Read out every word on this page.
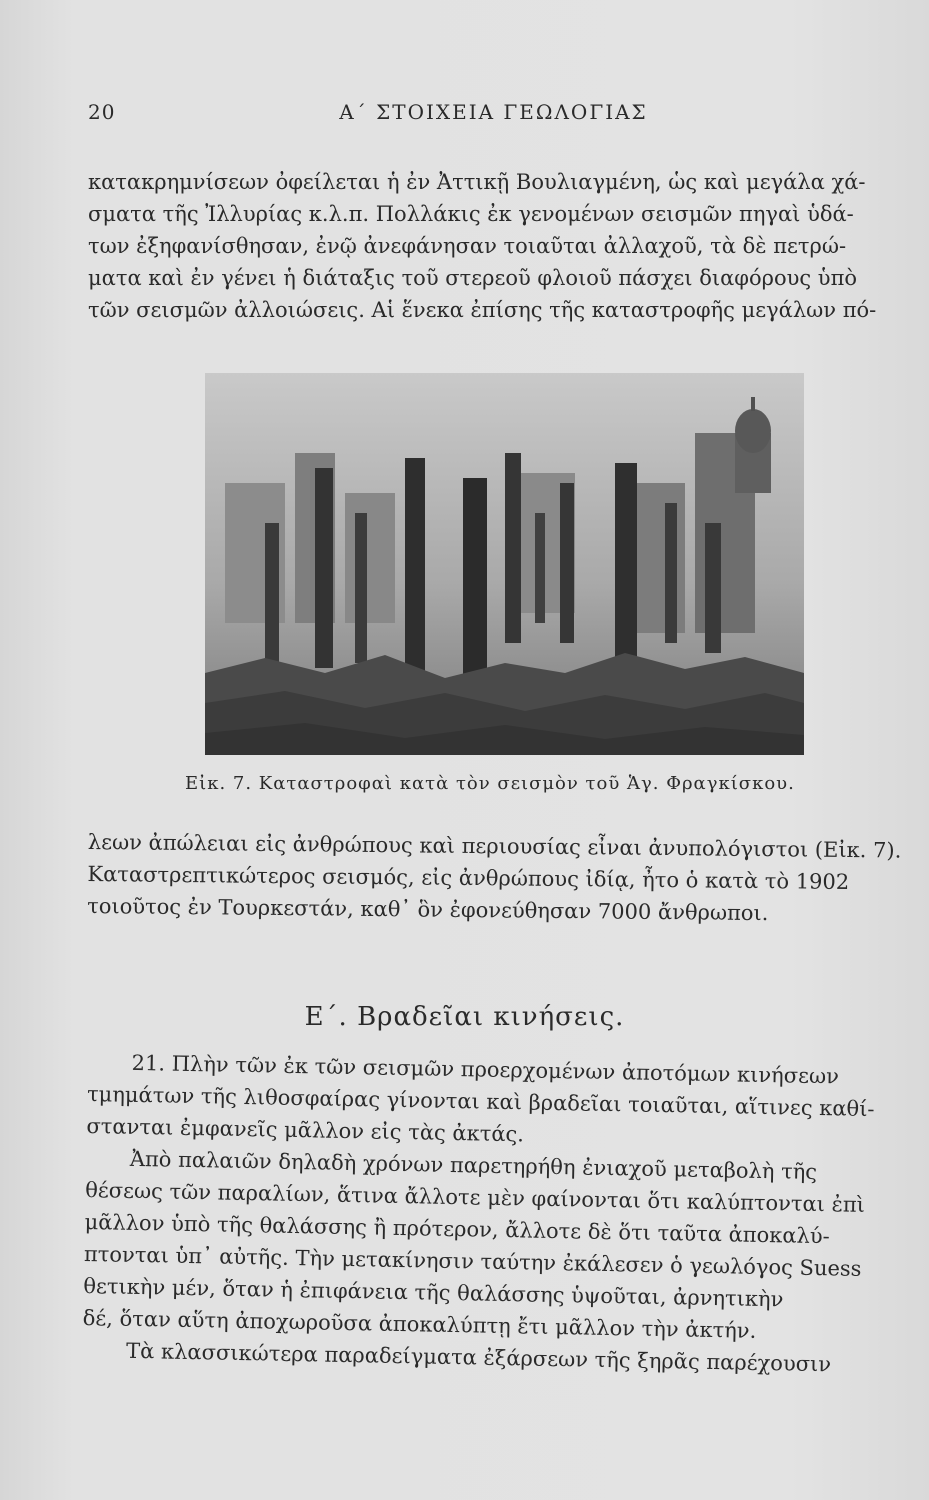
20	Α΄ ΣΤΟΙΧΕΙΑ ΓΕΩΛΟΓΙΑΣ
κατακρημνίσεων ὀφείλεται ἡ ἐν Ἀττικῇ Βουλιαγμένη, ὡς καὶ μεγάλα χά-
σματα τῆς Ἰλλυρίας κ.λ.π. Πολλάκις ἐκ γενομένων σεισμῶν πηγαὶ ὑδά-
των ἐξηφανίσθησαν, ἐνῷ ἀνεφάνησαν τοιαῦται ἀλλαχοῦ, τὰ δὲ πετρώ-
ματα καὶ ἐν γένει ἡ διάταξις τοῦ στερεοῦ φλοιοῦ πάσχει διαφόρους ὑπὸ
τῶν σεισμῶν ἀλλοιώσεις. Αἱ ἕνεκα ἐπίσης τῆς καταστροφῆς μεγάλων πό-
Εἰκ. 7. Καταστροφαὶ κατὰ τὸν σεισμὸν τοῦ Ἁγ. Φραγκίσκου.
λεων ἀπώλειαι εἰς ἀνθρώπους καὶ περιουσίας εἶναι ἀνυπολόγιστοι (Εἰκ. 7).
Καταστρεπτικώτερος σεισμός, εἰς ἀνθρώπους ἰδίᾳ, ἦτο ὁ κατὰ τὸ 1902
τοιοῦτος ἐν Τουρκεστάν, καθ᾽ ὃν ἐφονεύθησαν 7000 ἄνθρωποι.
Ε΄. Βραδεῖαι κινήσεις.
21. Πλὴν τῶν ἐκ τῶν σεισμῶν προερχομένων ἀποτόμων κινήσεων
τμημάτων τῆς λιθοσφαίρας γίνονται καὶ βραδεῖαι τοιαῦται, αἵτινες καθί-
στανται ἐμφανεῖς μᾶλλον εἰς τὰς ἀκτάς.
Ἀπὸ παλαιῶν δηλαδὴ χρόνων παρετηρήθη ἐνιαχοῦ μεταβολὴ τῆς
θέσεως τῶν παραλίων, ἅτινα ἄλλοτε μὲν φαίνονται ὅτι καλύπτονται ἐπὶ
μᾶλλον ὑπὸ τῆς θαλάσσης ἢ πρότερον, ἄλλοτε δὲ ὅτι ταῦτα ἀποκαλύ-
πτονται ὑπ᾽ αὐτῆς. Τὴν μετακίνησιν ταύτην ἐκάλεσεν ὁ γεωλόγος Suess
θετικὴν μέν, ὅταν ἡ ἐπιφάνεια τῆς θαλάσσης ὑψοῦται, ἀρνητικὴν
δέ, ὅταν αὕτη ἀποχωροῦσα ἀποκαλύπτῃ ἔτι μᾶλλον τὴν ἀκτήν.
Τὰ κλασσικώτερα παραδείγματα ἐξάρσεων τῆς ξηρᾶς παρέχουσιν
